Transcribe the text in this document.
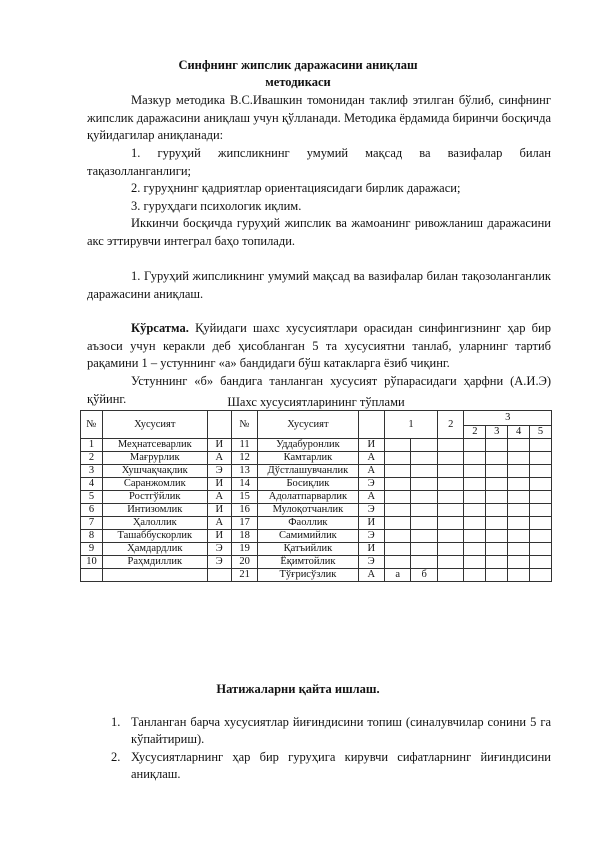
Синфнинг жипслик даражасини аниқлаш
методикаси
Мазкур методика В.С.Ивашкин томонидан таклиф этилган бўлиб, синфнинг жипслик даражасини аниқлаш учун қўлланади. Методика ёрдамида биринчи босқичда қуйидагилар аниқланади:
1. гуруҳий жипсликнинг умумий мақсад ва вазифалар билан тақазолланганлиги;
2. гуруҳнинг қадриятлар ориентациясидаги бирлик даражаси;
3. гуруҳдаги психологик иқлим.
Иккинчи босқичда гуруҳий жипслик ва жамоанинг ривожланиш даражасини акс эттирувчи интеграл баҳо топилади.
1. Гуруҳий жипсликнинг умумий мақсад ва вазифалар билан тақозоланганлик даражасини аниқлаш.
Кўрсатма. Қуйидаги шахс хусусиятлари орасидан синфингизнинг ҳар бир аъзоси учун керакли деб ҳисобланган 5 та хусусиятни танлаб, уларнинг тартиб рақамини 1 – устуннинг «а» бандидаги бўш катакларга ёзиб чиқинг.
Устуннинг «б» бандига танланган хусусият рўпарасидаги ҳарфни (А.И.Э) қўйинг.	Шахс хусусиятларининг тўплами
№	Хусусият		№	Хусусият		1		2	3			
									2	3	4	5
1	Меҳнатсеварлик	И	11	Уддабуронлик	И							
2	Мағрурлик	А	12	Камтарлик	А							
3	Хушчақчақлик	Э	13	Дўстлашувчанлик	А							
4	Саранжомлик	И	14	Босиқлик	Э							
5	Ростгўйлик	А	15	Адолатпарварлик	А							
6	Интизомлик	И	16	Мулоқотчанлик	Э							
7	Ҳалоллик	А	17	Фаоллик	И							
8	Ташаббускорлик	И	18	Самимийлик	Э							
9	Ҳамдардлик	Э	19	Қатъийлик	И							
10	Раҳмдиллик	Э	20	Ёқимтойлик	Э							
			21	Тўғрисўзлик	А	а	б					
Натижаларни қайта ишлаш.
1. Танланган барча хусусиятлар йиғиндисини топиш (синалувчилар сонини 5 га кўпайтириш).
2. Хусусиятларнинг ҳар бир гуруҳига кирувчи сифатларнинг йиғиндисини аниқлаш.
